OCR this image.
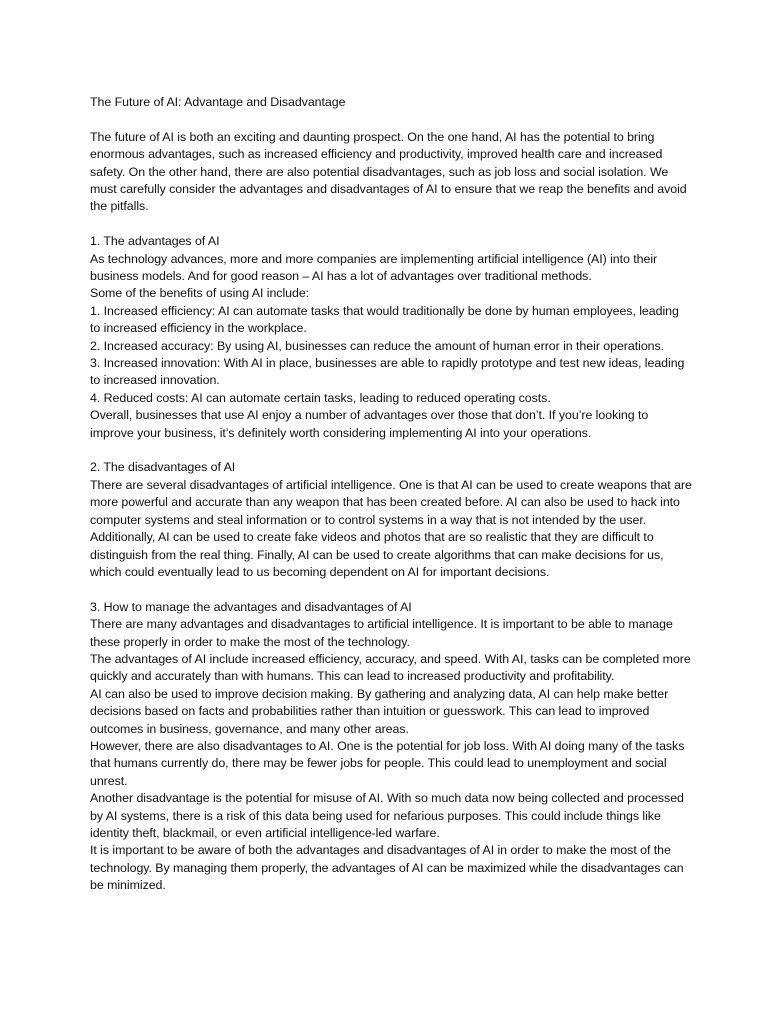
The Future of AI: Advantage and Disadvantage

The future of AI is both an exciting and daunting prospect. On the one hand, AI has the potential to bring enormous advantages, such as increased efficiency and productivity, improved health care and increased safety. On the other hand, there are also potential disadvantages, such as job loss and social isolation. We must carefully consider the advantages and disadvantages of AI to ensure that we reap the benefits and avoid the pitfalls.

1. The advantages of AI

As technology advances, more and more companies are implementing artificial intelligence (AI) into their business models. And for good reason – AI has a lot of advantages over traditional methods.

Some of the benefits of using AI include:

1. Increased efficiency: AI can automate tasks that would traditionally be done by human employees, leading to increased efficiency in the workplace.

2. Increased accuracy: By using AI, businesses can reduce the amount of human error in their operations.

3. Increased innovation: With AI in place, businesses are able to rapidly prototype and test new ideas, leading to increased innovation.

4. Reduced costs: AI can automate certain tasks, leading to reduced operating costs.

Overall, businesses that use AI enjoy a number of advantages over those that don’t. If you’re looking to improve your business, it’s definitely worth considering implementing AI into your operations.

2. The disadvantages of AI

There are several disadvantages of artificial intelligence. One is that AI can be used to create weapons that are more powerful and accurate than any weapon that has been created before. AI can also be used to hack into computer systems and steal information or to control systems in a way that is not intended by the user. Additionally, AI can be used to create fake videos and photos that are so realistic that they are difficult to distinguish from the real thing. Finally, AI can be used to create algorithms that can make decisions for us, which could eventually lead to us becoming dependent on AI for important decisions.

3. How to manage the advantages and disadvantages of AI

There are many advantages and disadvantages to artificial intelligence. It is important to be able to manage these properly in order to make the most of the technology.

The advantages of AI include increased efficiency, accuracy, and speed. With AI, tasks can be completed more quickly and accurately than with humans. This can lead to increased productivity and profitability.

AI can also be used to improve decision making. By gathering and analyzing data, AI can help make better decisions based on facts and probabilities rather than intuition or guesswork. This can lead to improved outcomes in business, governance, and many other areas.

However, there are also disadvantages to AI. One is the potential for job loss. With AI doing many of the tasks that humans currently do, there may be fewer jobs for people. This could lead to unemployment and social unrest.

Another disadvantage is the potential for misuse of AI. With so much data now being collected and processed by AI systems, there is a risk of this data being used for nefarious purposes. This could include things like identity theft, blackmail, or even artificial intelligence-led warfare.

It is important to be aware of both the advantages and disadvantages of AI in order to make the most of the technology. By managing them properly, the advantages of AI can be maximized while the disadvantages can be minimized.
